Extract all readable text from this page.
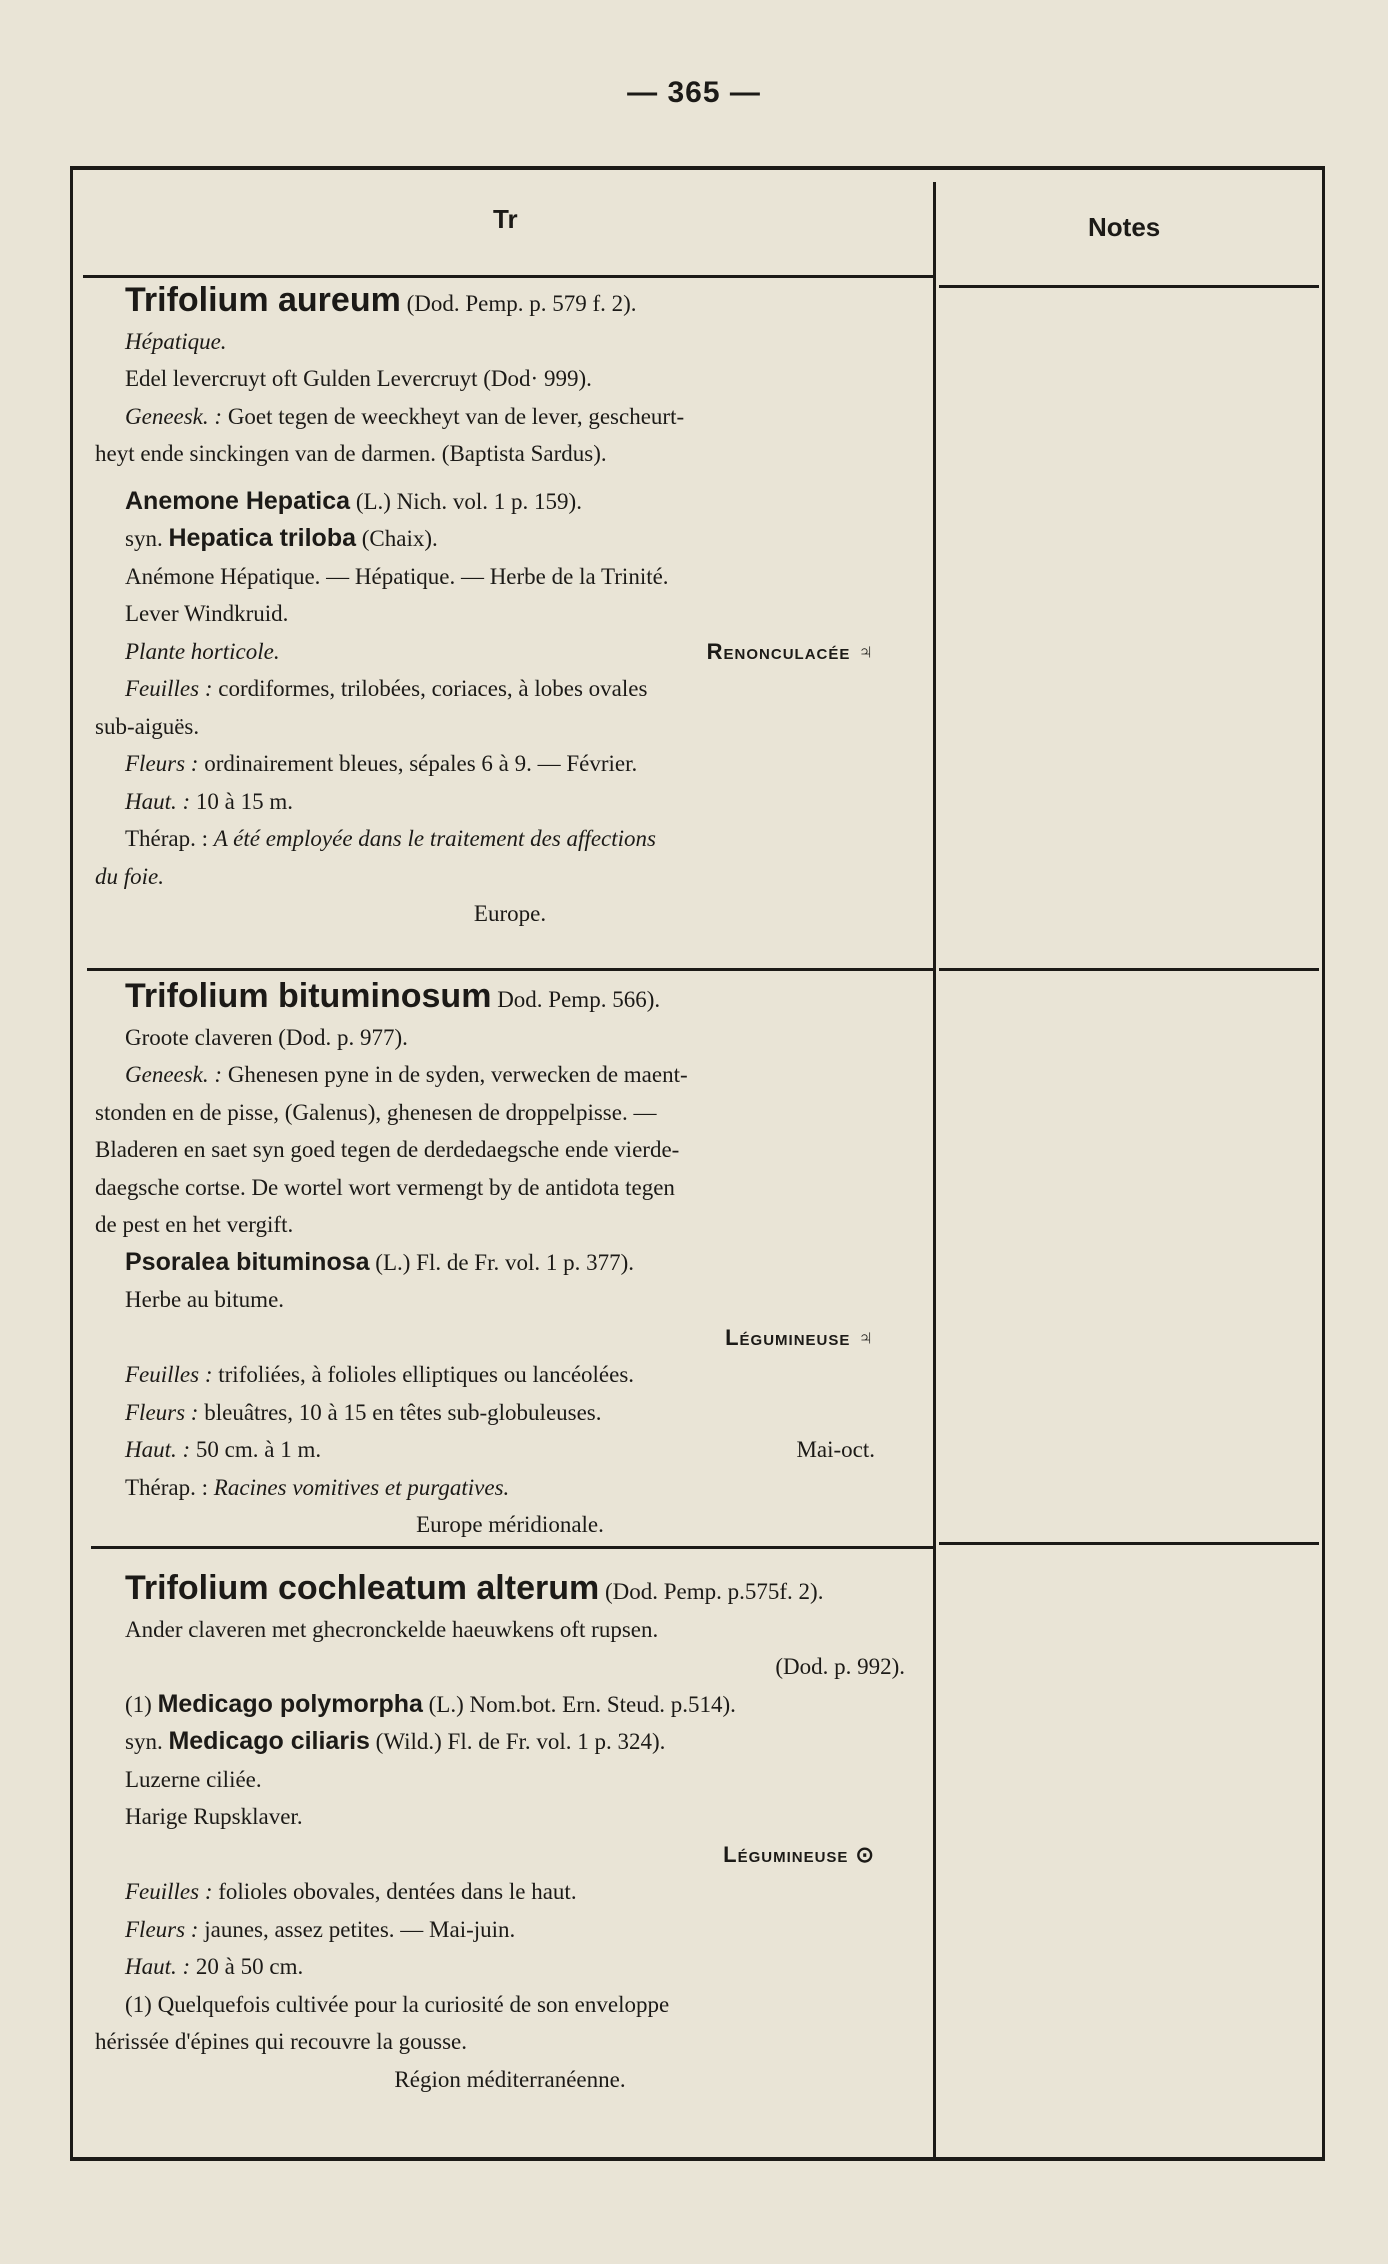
— 365 —
Tr	Notes

Trifolium aureum (Dod. Pemp. p. 579 f. 2).

Hépatique.

Edel levercruyt oft Gulden Levercruyt (Dod· 999).

Geneesk. : Goet tegen de weeckheyt van de lever, gescheurt-

heyt ende sinckingen van de darmen. (Baptista Sardus).

Anemone Hepatica (L.) Nich. vol. 1 p. 159).

syn. Hepatica triloba (Chaix).

Anémone Hépatique. — Hépatique. — Herbe de la Trinité.

Lever Windkruid.

Plante horticole.	Renonculacée ♃

Feuilles : cordiformes, trilobées, coriaces, à lobes ovales

sub-aiguës.

Fleurs : ordinairement bleues, sépales 6 à 9. — Février.

Haut. : 10 à 15 m.

Thérap. : A été employée dans le traitement des affections

du foie.

Europe.

Trifolium bituminosum Dod. Pemp. 566).

Groote claveren (Dod. p. 977).

Geneesk. : Ghenesen pyne in de syden, verwecken de maent-

stonden en de pisse, (Galenus), ghenesen de droppelpisse. —

Bladeren en saet syn goed tegen de derdedaegsche ende vierde-

daegsche cortse. De wortel wort vermengt by de antidota tegen

de pest en het vergift.

Psoralea bituminosa (L.) Fl. de Fr. vol. 1 p. 377).

Herbe au bitume.

Légumineuse ♃

Feuilles : trifoliées, à folioles elliptiques ou lancéolées.

Fleurs : bleuâtres, 10 à 15 en têtes sub-globuleuses.

Haut. : 50 cm. à 1 m.	Mai-oct.

Thérap. : Racines vomitives et purgatives.

Europe méridionale.

Trifolium cochleatum alterum (Dod. Pemp. p.575f. 2).

Ander claveren met ghecronckelde haeuwkens oft rupsen.

(Dod. p. 992).

(1) Medicago polymorpha (L.) Nom.bot. Ern. Steud. p.514).

syn. Medicago ciliaris (Wild.) Fl. de Fr. vol. 1 p. 324).

Luzerne ciliée.

Harige Rupsklaver.

Légumineuse ⊙

Feuilles : folioles obovales, dentées dans le haut.

Fleurs : jaunes, assez petites. — Mai-juin.

Haut. : 20 à 50 cm.

(1) Quelquefois cultivée pour la curiosité de son enveloppe

hérissée d'épines qui recouvre la gousse.

Région méditerranéenne.
